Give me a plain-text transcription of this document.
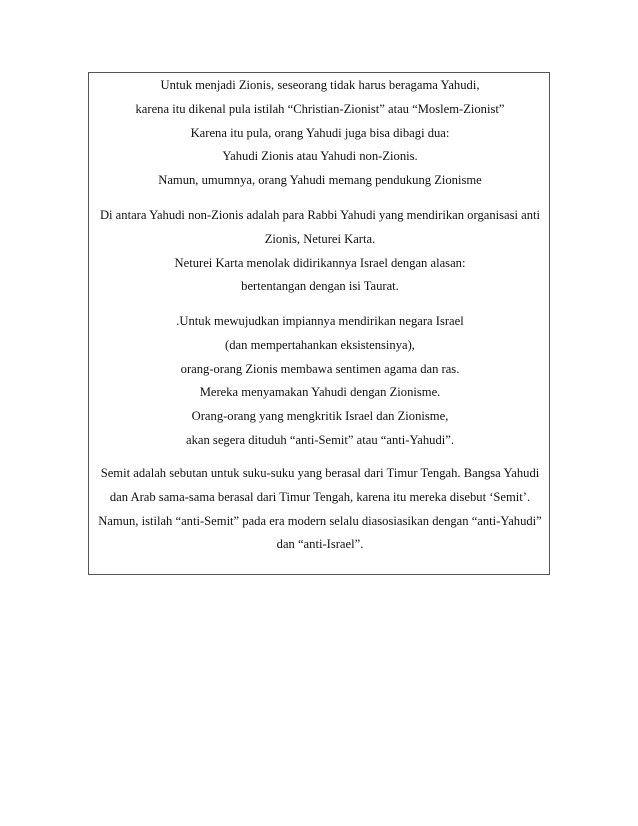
Untuk menjadi Zionis, seseorang tidak harus beragama Yahudi,
karena itu dikenal pula istilah “Christian-Zionist” atau “Moslem-Zionist”
Karena itu pula, orang Yahudi juga bisa dibagi dua:
Yahudi Zionis atau Yahudi non-Zionis.
Namun, umumnya, orang Yahudi memang pendukung Zionisme
Di antara Yahudi non-Zionis adalah para Rabbi Yahudi yang mendirikan organisasi anti
Zionis, Neturei Karta.
Neturei Karta menolak didirikannya Israel dengan alasan:
bertentangan dengan isi Taurat.
.Untuk mewujudkan impiannya mendirikan negara Israel
(dan mempertahankan eksistensinya),
orang-orang Zionis membawa sentimen agama dan ras.
Mereka menyamakan Yahudi dengan Zionisme.
Orang-orang yang mengkritik Israel dan Zionisme,
akan segera dituduh “anti-Semit” atau “anti-Yahudi”.
Semit adalah sebutan untuk suku-suku yang berasal dari Timur Tengah. Bangsa Yahudi
dan Arab sama-sama berasal dari Timur Tengah, karena itu mereka disebut ‘Semit’.
Namun, istilah “anti-Semit” pada era modern selalu diasosiasikan dengan “anti-Yahudi”
dan “anti-Israel”.
